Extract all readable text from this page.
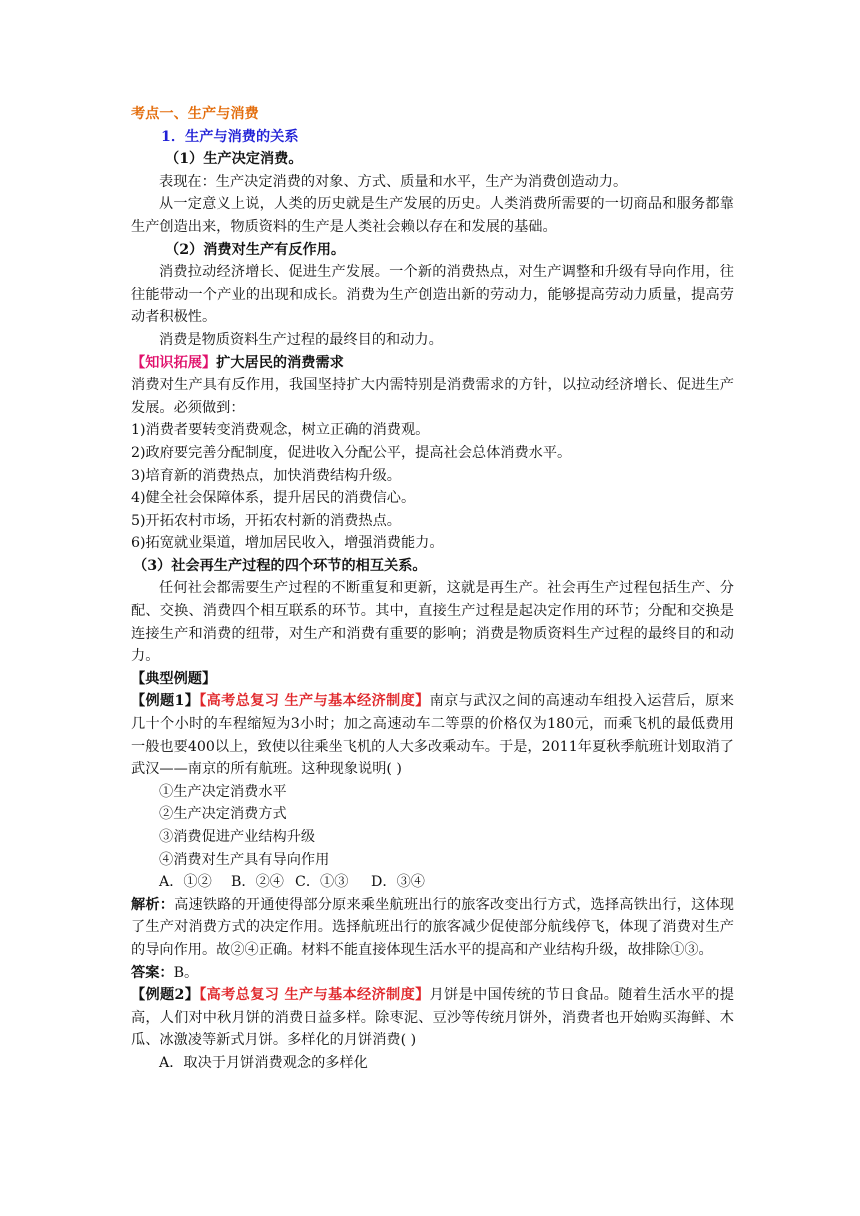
考点一、生产与消费

1．生产与消费的关系

（1）生产决定消费。

表现在：生产决定消费的对象、方式、质量和水平，生产为消费创造动力。

从一定意义上说，人类的历史就是生产发展的历史。人类消费所需要的一切商品和服务都靠生产创造出来，物质资料的生产是人类社会赖以存在和发展的基础。

（2）消费对生产有反作用。

消费拉动经济增长、促进生产发展。一个新的消费热点，对生产调整和升级有导向作用，往往能带动一个产业的出现和成长。消费为生产创造出新的劳动力，能够提高劳动力质量，提高劳动者积极性。

消费是物质资料生产过程的最终目的和动力。

【知识拓展】扩大居民的消费需求

消费对生产具有反作用，我国坚持扩大内需特别是消费需求的方针，以拉动经济增长、促进生产发展。必须做到：

1)消费者要转变消费观念，树立正确的消费观。

2)政府要完善分配制度，促进收入分配公平，提高社会总体消费水平。

3)培育新的消费热点，加快消费结构升级。

4)健全社会保障体系，提升居民的消费信心。

5)开拓农村市场，开拓农村新的消费热点。

6)拓宽就业渠道，增加居民收入，增强消费能力。

（3）社会再生产过程的四个环节的相互关系。

任何社会都需要生产过程的不断重复和更新，这就是再生产。社会再生产过程包括生产、分配、交换、消费四个相互联系的环节。其中，直接生产过程是起决定作用的环节；分配和交换是连接生产和消费的纽带，对生产和消费有重要的影响；消费是物质资料生产过程的最终目的和动力。

【典型例题】

【例题1】【高考总复习 生产与基本经济制度】南京与武汉之间的高速动车组投入运营后，原来几十个小时的车程缩短为3小时；加之高速动车二等票的价格仅为180元，而乘飞机的最低费用一般也要400以上，致使以往乘坐飞机的人大多改乘动车。于是，2011年夏秋季航班计划取消了武汉——南京的所有航班。这种现象说明( )

①生产决定消费水平

②生产决定消费方式

③消费促进产业结构升级

④消费对生产具有导向作用

A．①② B．②④ C．①③ D．③④

解析：高速铁路的开通使得部分原来乘坐航班出行的旅客改变出行方式，选择高铁出行，这体现了生产对消费方式的决定作用。选择航班出行的旅客减少促使部分航线停飞，体现了消费对生产的导向作用。故②④正确。材料不能直接体现生活水平的提高和产业结构升级，故排除①③。

答案：B。

【例题2】【高考总复习 生产与基本经济制度】月饼是中国传统的节日食品。随着生活水平的提高，人们对中秋月饼的消费日益多样。除枣泥、豆沙等传统月饼外，消费者也开始购买海鲜、木瓜、冰激凌等新式月饼。多样化的月饼消费( )

A．取决于月饼消费观念的多样化
